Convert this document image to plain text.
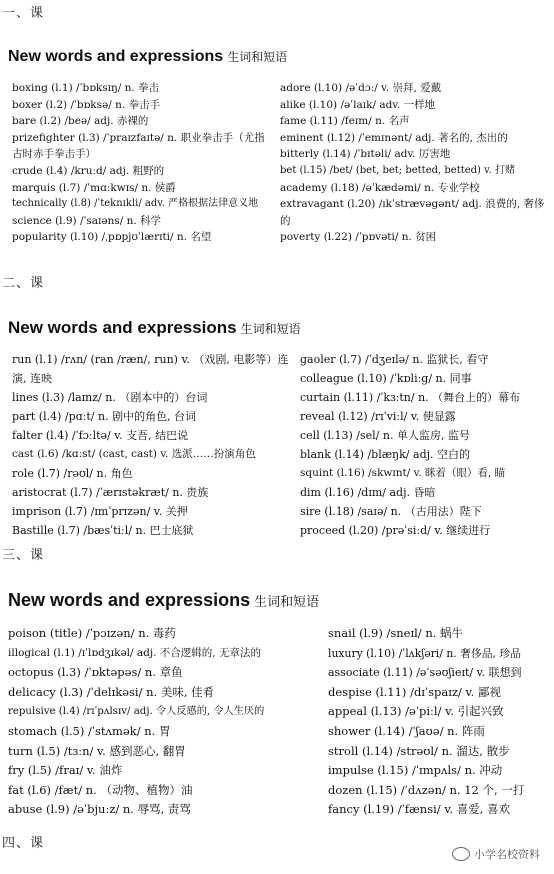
一、课
New words and expressions 生词和短语
boxing (l.1) /ˈbɒksɪŋ/ n. 拳击
boxer (l.2) /ˈbɒksə/ n. 拳击手
bare (l.2) /beə/ adj. 赤裸的
prizefighter (l.3) /ˈpraɪzfaɪtə/ n. 职业拳击手（尤指古时赤手拳击手）
crude (l.4) /kruːd/ adj. 粗野的
marquis (l.7) /ˈmɑːkwɪs/ n. 侯爵
technically (l.8) /ˈteknɪkli/ adv. 严格根据法律意义地
science (l.9) /ˈsaɪəns/ n. 科学
popularity (l.10) /ˌpɒpjʊˈlærɪti/ n. 名望
adore (l.10) /əˈdɔː/ v. 崇拜, 爱戴
alike (l.10) /əˈlaɪk/ adv. 一样地
fame (l.11) /feɪm/ n. 名声
eminent (l.12) /ˈemɪnənt/ adj. 著名的, 杰出的
bitterly (l.14) /ˈbɪtəli/ adv. 厉害地
bet (l.15) /bet/ (bet, bet; betted, betted) v. 打赌
academy (l.18) /əˈkædəmi/ n. 专业学校
extravagant (l.20) /ɪkˈstrævəgənt/ adj. 浪费的, 奢侈的
poverty (l.22) /ˈpɒvəti/ n. 贫困
二、课
New words and expressions 生词和短语
run (l.1) /rʌn/ (ran /ræn/, run) v. （戏剧, 电影等）连演, 连映
lines (l.3) /laɪnz/ n. （剧本中的）台词
part (l.4) /pɑːt/ n. 剧中的角色, 台词
falter (l.4) /ˈfɔːltə/ v. 支吾, 结巴说
cast (l.6) /kɑːst/ (cast, cast) v. 选派……扮演角色
role (l.7) /rəʊl/ n. 角色
aristocrat (l.7) /ˈærɪstəkræt/ n. 贵族
imprison (l.7) /ɪmˈprɪzən/ v. 关押
Bastille (l.7) /bæsˈtiːl/ n. 巴士底狱
gaoler (l.7) /ˈdʒeɪlə/ n. 监狱长, 看守
colleague (l.10) /ˈkɒliːg/ n. 同事
curtain (l.11) /ˈkɜːtn/ n. （舞台上的）幕布
reveal (l.12) /rɪˈviːl/ v. 使显露
cell (l.13) /sel/ n. 单人监房, 监号
blank (l.14) /blæŋk/ adj. 空白的
squint (l.16) /skwɪnt/ v. 眯着（眼）看, 瞄
dim (l.16) /dɪm/ adj. 昏暗
sire (l.18) /saɪə/ n. （古用法）陛下
proceed (l.20) /prəˈsiːd/ v. 继续进行
三、课
New words and expressions 生词和短语
poison (title) /ˈpɔɪzən/ n. 毒药
illogical (l.1) /ɪˈlɒdʒɪkəl/ adj. 不合逻辑的, 无章法的
octopus (l.3) /ˈɒktəpəs/ n. 章鱼
delicacy (l.3) /ˈdelɪkəsi/ n. 美味, 佳肴
repulsive (l.4) /rɪˈpʌlsɪv/ adj. 令人反感的, 令人生厌的
stomach (l.5) /ˈstʌmək/ n. 胃
turn (l.5) /tɜːn/ v. 感到恶心, 翻胃
fry (l.5) /fraɪ/ v. 油炸
fat (l.6) /fæt/ n. （动物、植物）油
abuse (l.9) /əˈbjuːz/ n. 辱骂, 责骂
snail (l.9) /sneɪl/ n. 蜗牛
luxury (l.10) /ˈlʌkʃəri/ n. 奢侈品, 珍品
associate (l.11) /əˈsəʊʃieɪt/ v. 联想到
despise (l.11) /dɪˈspaɪz/ v. 鄙视
appeal (l.13) /əˈpiːl/ v. 引起兴致
shower (l.14) /ˈʃaʊə/ n. 阵雨
stroll (l.14) /strəʊl/ n. 溜达, 散步
impulse (l.15) /ˈɪmpʌls/ n. 冲动
dozen (l.15) /ˈdʌzən/ n. 12 个, 一打
fancy (l.19) /ˈfænsi/ v. 喜爱, 喜欢
四、课
小学名校资料
